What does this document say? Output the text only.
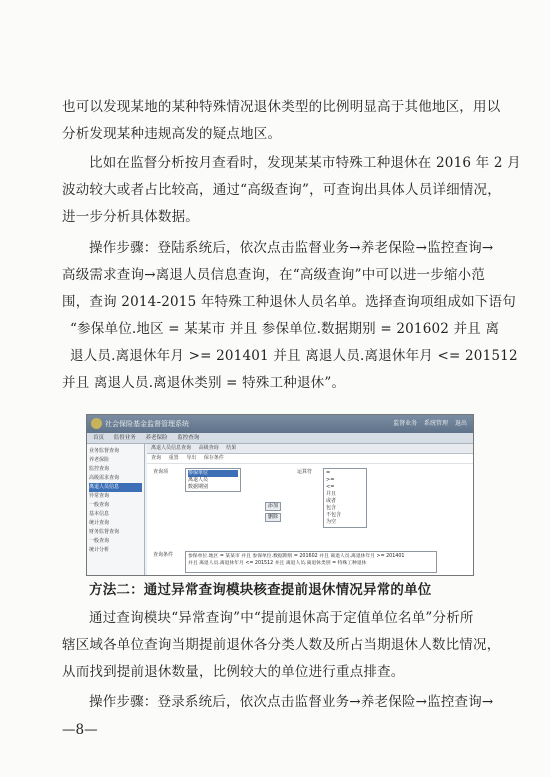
也可以发现某地的某种特殊情况退休类型的比例明显高于其他地区，用以
分析发现某种违规高发的疑点地区。
比如在监督分析按月查看时，发现某某市特殊工种退休在 2016 年 2 月
波动较大或者占比较高，通过“高级查询”，可查询出具体人员详细情况，
进一步分析具体数据。
操作步骤：登陆系统后，依次点击监督业务→养老保险→监控查询→
高级需求查询→离退人员信息查询，在“高级查询”中可以进一步缩小范
围，查询 2014-2015 年特殊工种退休人员名单。选择查询项组成如下语句
“参保单位.地区 = 某某市 并且 参保单位.数据期别 = 201602 并且 离
退人员.离退休年月 >= 201401 并且 离退人员.离退休年月 <= 201512
并且 离退人员.离退休类别 = 特殊工种退休”。
社会保险基金监督管理系统	监督业务 系统管理 退出
首页 监督业务 养老保险 监控查询
业务监督查询
养老保险
监控查询
高级需求查询
离退人员信息
异常查询
一般查询
基本信息
统计查询
财务监督查询
一般查询
统计分析
离退人员信息查询 高级查询 结果
查询 重置 导出 保存条件
查询项	参保单位
离退人员
数据期别
运算符	=
>=
<=
并且
或者
包含
不包含
为空
添加
删除
查询条件	参保单位.地区 = 某某市 并且 参保单位.数据期别 = 201602 并且 离退人员.离退休年月 >= 201401
并且 离退人员.离退休年月 <= 201512 并且 离退人员.离退休类别 = 特殊工种退休
方法二：通过异常查询模块核查提前退休情况异常的单位
通过查询模块“异常查询”中“提前退休高于定值单位名单”分析所
辖区域各单位查询当期提前退休各分类人数及所占当期退休人数比情况，
从而找到提前退休数量，比例较大的单位进行重点排查。
操作步骤：登录系统后，依次点击监督业务→养老保险→监控查询→
—8—
